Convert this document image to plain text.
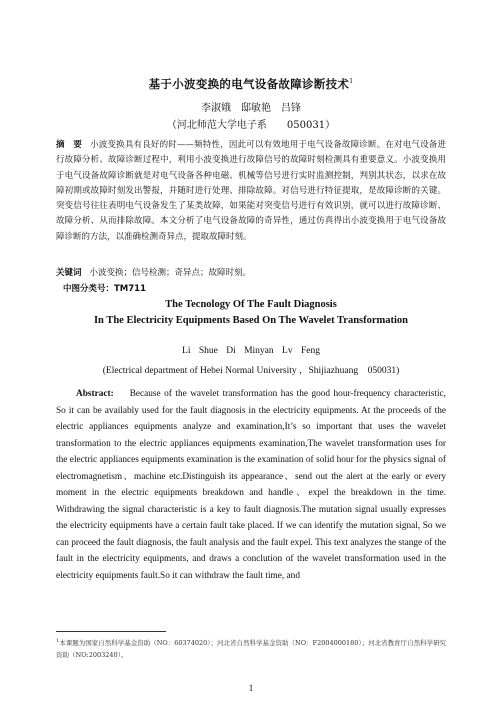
基于小波变换的电气设备故障诊断技术$^1$
李淑娥　邸敏艳　吕锋
（河北师范大学电子系　　050031）
摘　要 小波变换具有良好的时——频特性，因此可以有效地用于电气设备故障诊断。在对电气设备进行故障分析、故障诊断过程中，利用小波变换进行故障信号的故障时刻检测具有重要意义。小波变换用于电气设备故障诊断就是对电气设备各种电磁、机械等信号进行实时监测控制，判别其状态，以求在故障初期或故障时刻发出警报，并随时进行处理、排除故障。对信号进行特征提取，是故障诊断的关键。突变信号往往表明电气设备发生了某类故障，如果能对突变信号进行有效识别，就可以进行故障诊断、故障分析、从而排除故障。本文分析了电气设备故障的奇异性，通过仿真得出小波变换用于电气设备故障诊断的方法，以准确检测奇异点，提取故障时刻。
关键词 小波变换；信号检测；奇异点；故障时刻。
中图分类号：TM711
The Tecnology Of The Fault Diagnosis
In The Electricity Equipments Based On The Wavelet Transformation
Li Shue Di Minyan Lv Feng
(Electrical department of Hebei Normal University ，Shijiazhuang　050031)
Abstract: Because of the wavelet transformation has the good hour-frequency characteristic, So it can be availably used for the fault diagnosis in the electricity equipments. At the proceeds of the electric appliances equipments analyze and examination,It’s so important that uses the wavelet transformation to the electric appliances equipments examination,The wavelet transformation uses for the electric appliances equipments examination is the examination of solid hour for the physics signal of electromagnetism、machine etc.Distinguish its appearance、send out the alert at the early or every moment in the electric equipments breakdown and handle、expel the breakdown in the time. Withdrawing the signal characteristic is a key to fault diagnosis.The mutation signal usually expresses the electricity equipments have a certain fault take placed. If we can identify the mutation signal, So we can proceed the fault diagnosis, the fault analysis and the fault expel. This text analyzes the stange of the fault in the electricity equipments, and draws a conclution of the wavelet transformation used in the electricity equipments fault.So it can withdraw the fault time, and
$^1$本课题为国家自然科学基金资助（NO：60374020）；河北省自然科学基金资助（NO：F2004000180）；河北省教育厅自然科学研究资助（NO:2003240）。
1
